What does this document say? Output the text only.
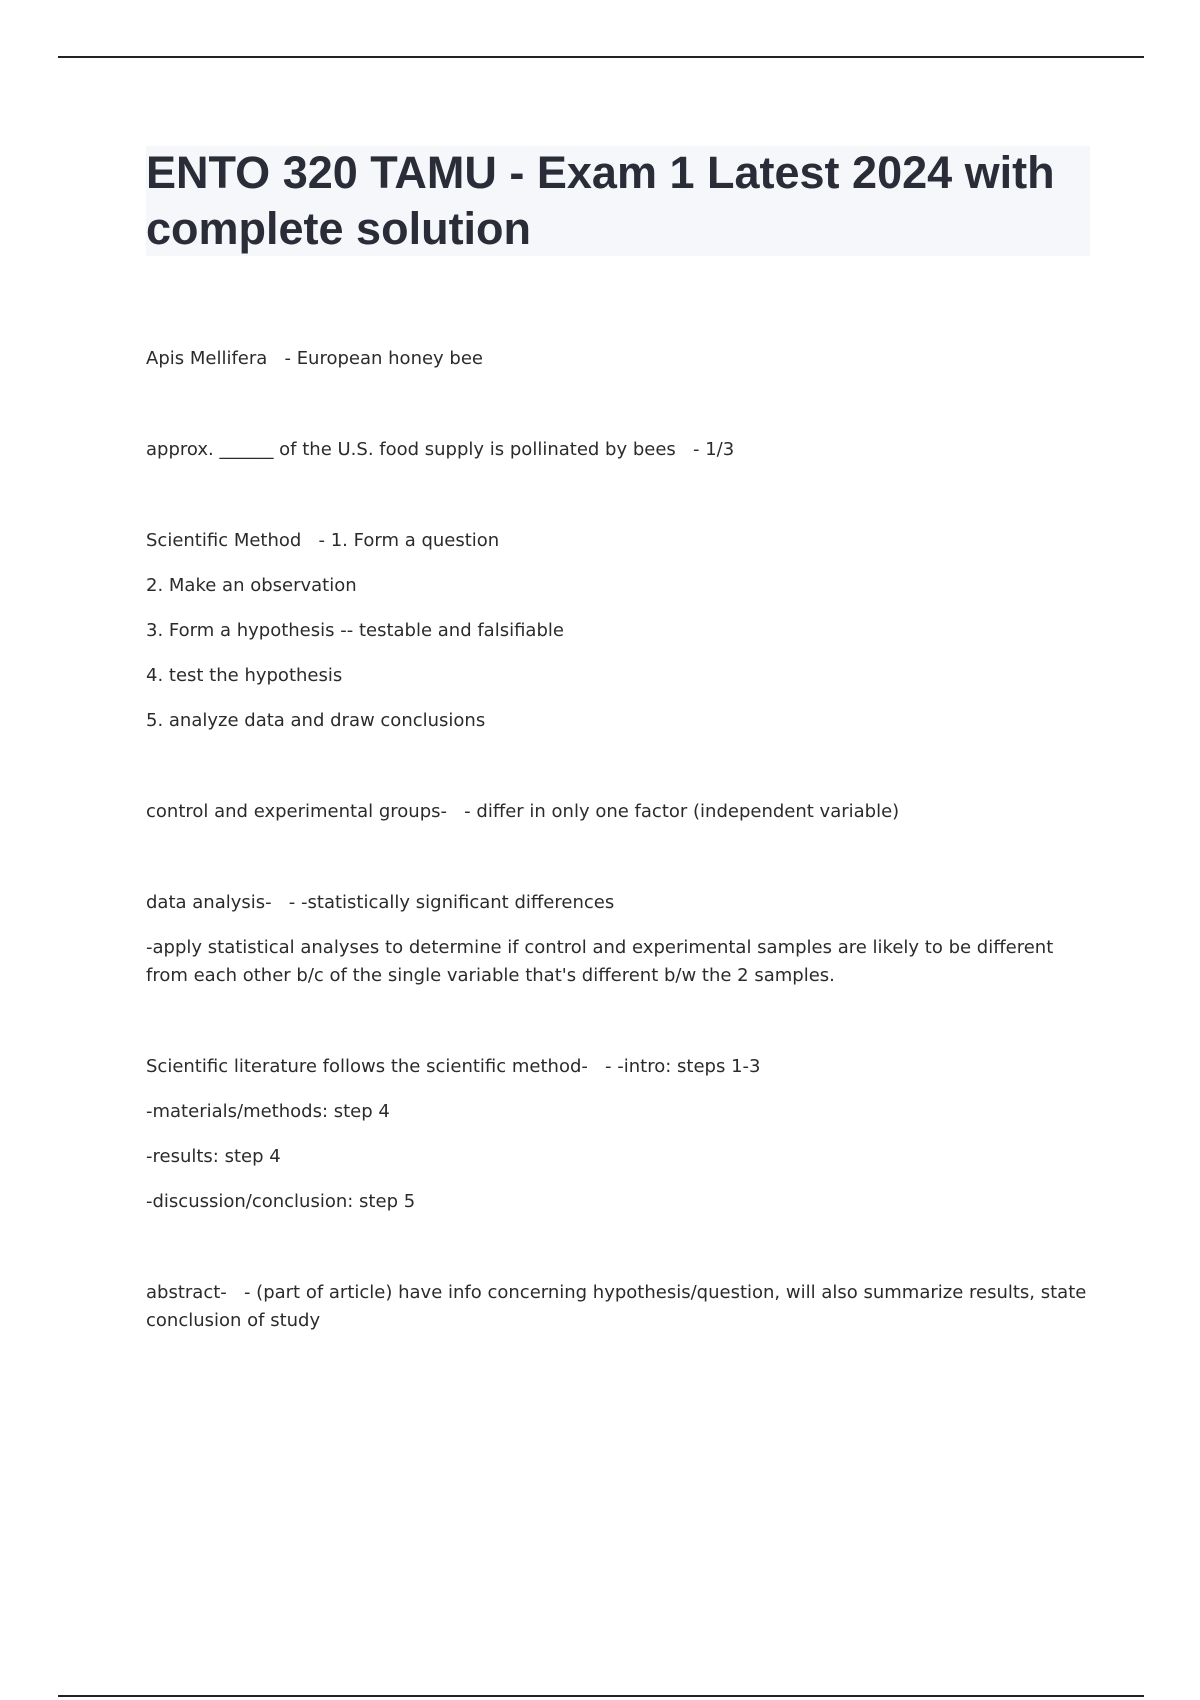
ENTO 320 TAMU - Exam 1 Latest 2024 with complete solution

Apis Mellifera   - European honey bee

approx. ______ of the U.S. food supply is pollinated by bees   - 1/3

Scientific Method   - 1. Form a question

2. Make an observation

3. Form a hypothesis -- testable and falsifiable

4. test the hypothesis

5. analyze data and draw conclusions

control and experimental groups-   - differ in only one factor (independent variable)

data analysis-   - -statistically significant differences

-apply statistical analyses to determine if control and experimental samples are likely to be different from each other b/c of the single variable that's different b/w the 2 samples.

Scientific literature follows the scientific method-   - -intro: steps 1-3

-materials/methods: step 4

-results: step 4

-discussion/conclusion: step 5

abstract-   - (part of article) have info concerning hypothesis/question, will also summarize results, state conclusion of study
